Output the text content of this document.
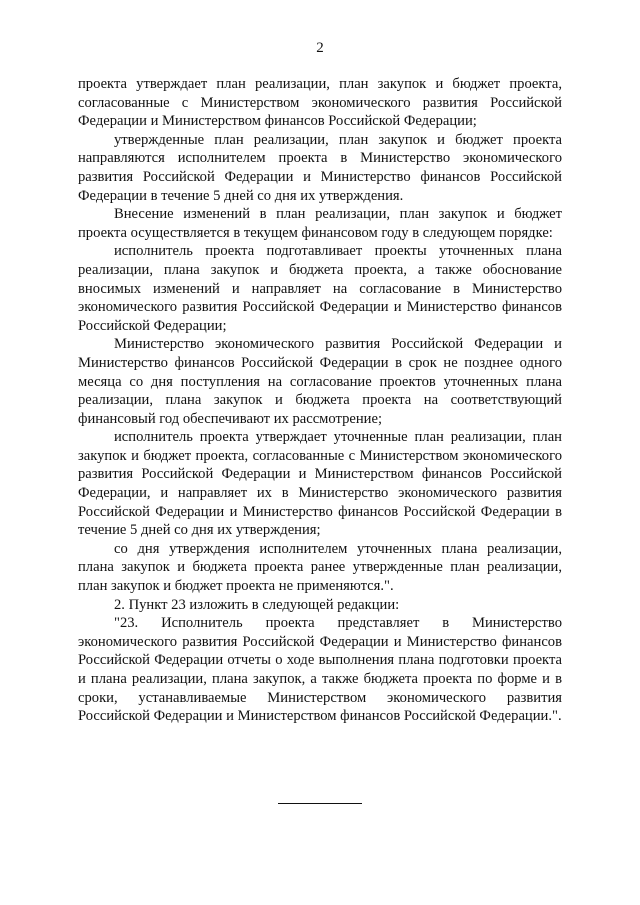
2

проекта утверждает план реализации, план закупок и бюджет проекта, согласованные с Министерством экономического развития Российской Федерации и Министерством финансов Российской Федерации;

утвержденные план реализации, план закупок и бюджет проекта направляются исполнителем проекта в Министерство экономического развития Российской Федерации и Министерство финансов Российской Федерации в течение 5 дней со дня их утверждения.

Внесение изменений в план реализации, план закупок и бюджет проекта осуществляется в текущем финансовом году в следующем порядке:

исполнитель проекта подготавливает проекты уточненных плана реализации, плана закупок и бюджета проекта, а также обоснование вносимых изменений и направляет на согласование в Министерство экономического развития Российской Федерации и Министерство финансов Российской Федерации;

Министерство экономического развития Российской Федерации и Министерство финансов Российской Федерации в срок не позднее одного месяца со дня поступления на согласование проектов уточненных плана реализации, плана закупок и бюджета проекта на соответствующий финансовый год обеспечивают их рассмотрение;

исполнитель проекта утверждает уточненные план реализации, план закупок и бюджет проекта, согласованные с Министерством экономического развития Российской Федерации и Министерством финансов Российской Федерации, и направляет их в Министерство экономического развития Российской Федерации и Министерство финансов Российской Федерации в течение 5 дней со дня их утверждения;

со дня утверждения исполнителем уточненных плана реализации, плана закупок и бюджета проекта ранее утвержденные план реализации, план закупок и бюджет проекта не применяются.".

2. Пункт 23 изложить в следующей редакции:

"23. Исполнитель проекта представляет в Министерство экономического развития Российской Федерации и Министерство финансов Российской Федерации отчеты о ходе выполнения плана подготовки проекта и плана реализации, плана закупок, а также бюджета проекта по форме и в сроки, устанавливаемые Министерством экономического развития Российской Федерации и Министерством финансов Российской Федерации.".
